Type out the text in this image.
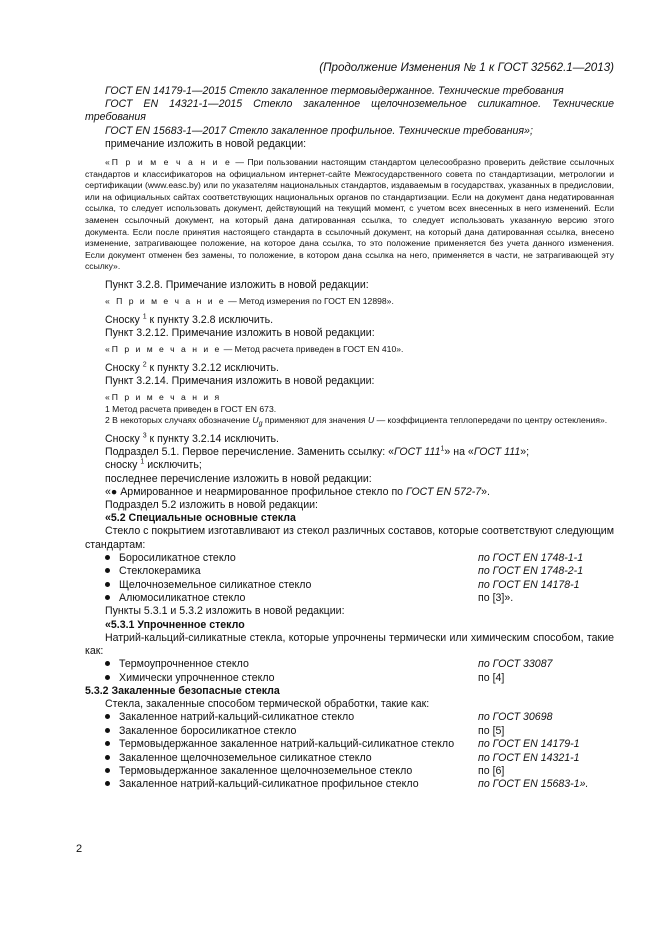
(Продолжение Изменения № 1 к ГОСТ 32562.1—2013)

ГОСТ EN 14179-1—2015 Стекло закаленное термовыдержанное. Технические требования

ГОСТ EN 14321-1—2015 Стекло закаленное щелочноземельное силикатное. Технические требования

ГОСТ EN 15683-1—2017 Стекло закаленное профильное. Технические требования»;

примечание изложить в новой редакции:

«П р и м е ч а н и е — При пользовании настоящим стандартом целесообразно проверить действие ссылочных стандартов и классификаторов на официальном интернет-сайте Межгосударственного совета по стандартизации, метрологии и сертификации (www.easc.by) или по указателям национальных стандартов, издаваемым в государствах, указанных в предисловии, или на официальных сайтах соответствующих национальных органов по стандартизации. Если на документ дана недатированная ссылка, то следует использовать документ, действующий на текущий момент, с учетом всех внесенных в него изменений. Если заменен ссылочный документ, на который дана датированная ссылка, то следует использовать указанную версию этого документа. Если после принятия настоящего стандарта в ссылочный документ, на который дана датированная ссылка, внесено изменение, затрагивающее положение, на которое дана ссылка, то это положение применяется без учета данного изменения. Если документ отменен без замены, то положение, в котором дана ссылка на него, применяется в части, не затрагивающей эту ссылку».

Пункт 3.2.8. Примечание изложить в новой редакции:

« П р и м е ч а н и е — Метод измерения по ГОСТ EN 12898».

Сноску $^1$ к пункту 3.2.8 исключить.

Пункт 3.2.12. Примечание изложить в новой редакции:

«П р и м е ч а н и е — Метод расчета приведен в ГОСТ EN 410».

Сноску $^2$ к пункту 3.2.12 исключить.

Пункт 3.2.14. Примечания изложить в новой редакции:

«П р и м е ч а н и я

1 Метод расчета приведен в ГОСТ EN 673.

2 В некоторых случаях обозначение $U_g$ применяют для значения U — коэффициента теплопередачи по центру остекления».

Сноску $^3$ к пункту 3.2.14 исключить.

Подраздел 5.1. Первое перечисление. Заменить ссылку: «ГОСТ $111^1$» на «ГОСТ 111»;

сноску $^1$ исключить;

последнее перечисление изложить в новой редакции:

«● Армированное и неармированное профильное стекло по ГОСТ EN 572-7».

Подраздел 5.2 изложить в новой редакции:

«5.2 Специальные основные стекла

Стекло с покрытием изготавливают из стекол различных составов, которые соответствуют следующим стандартам:

Боросиликатное стекло	по ГОСТ EN 1748-1-1
Стеклокерамика	по ГОСТ EN 1748-2-1
Щелочноземельное силикатное стекло	по ГОСТ EN 14178-1
Алюмосиликатное стекло	по [3]».

Пункты 5.3.1 и 5.3.2 изложить в новой редакции:

«5.3.1 Упрочненное стекло

Натрий-кальций-силикатные стекла, которые упрочнены термически или химическим способом, такие как:

Термоупрочненное стекло	по ГОСТ 33087
Химически упрочненное стекло	по [4]

5.3.2 Закаленные безопасные стекла

Стекла, закаленные способом термической обработки, такие как:

Закаленное натрий-кальций-силикатное стекло	по ГОСТ 30698
Закаленное боросиликатное стекло	по [5]
Термовыдержанное закаленное натрий-кальций-силикатное стекло по ГОСТ EN 14179-1
Закаленное щелочноземельное силикатное стекло	по ГОСТ EN 14321-1
Термовыдержанное закаленное щелочноземельное стекло	по [6]
Закаленное натрий-кальций-силикатное профильное стекло	по ГОСТ EN 15683-1».
2
